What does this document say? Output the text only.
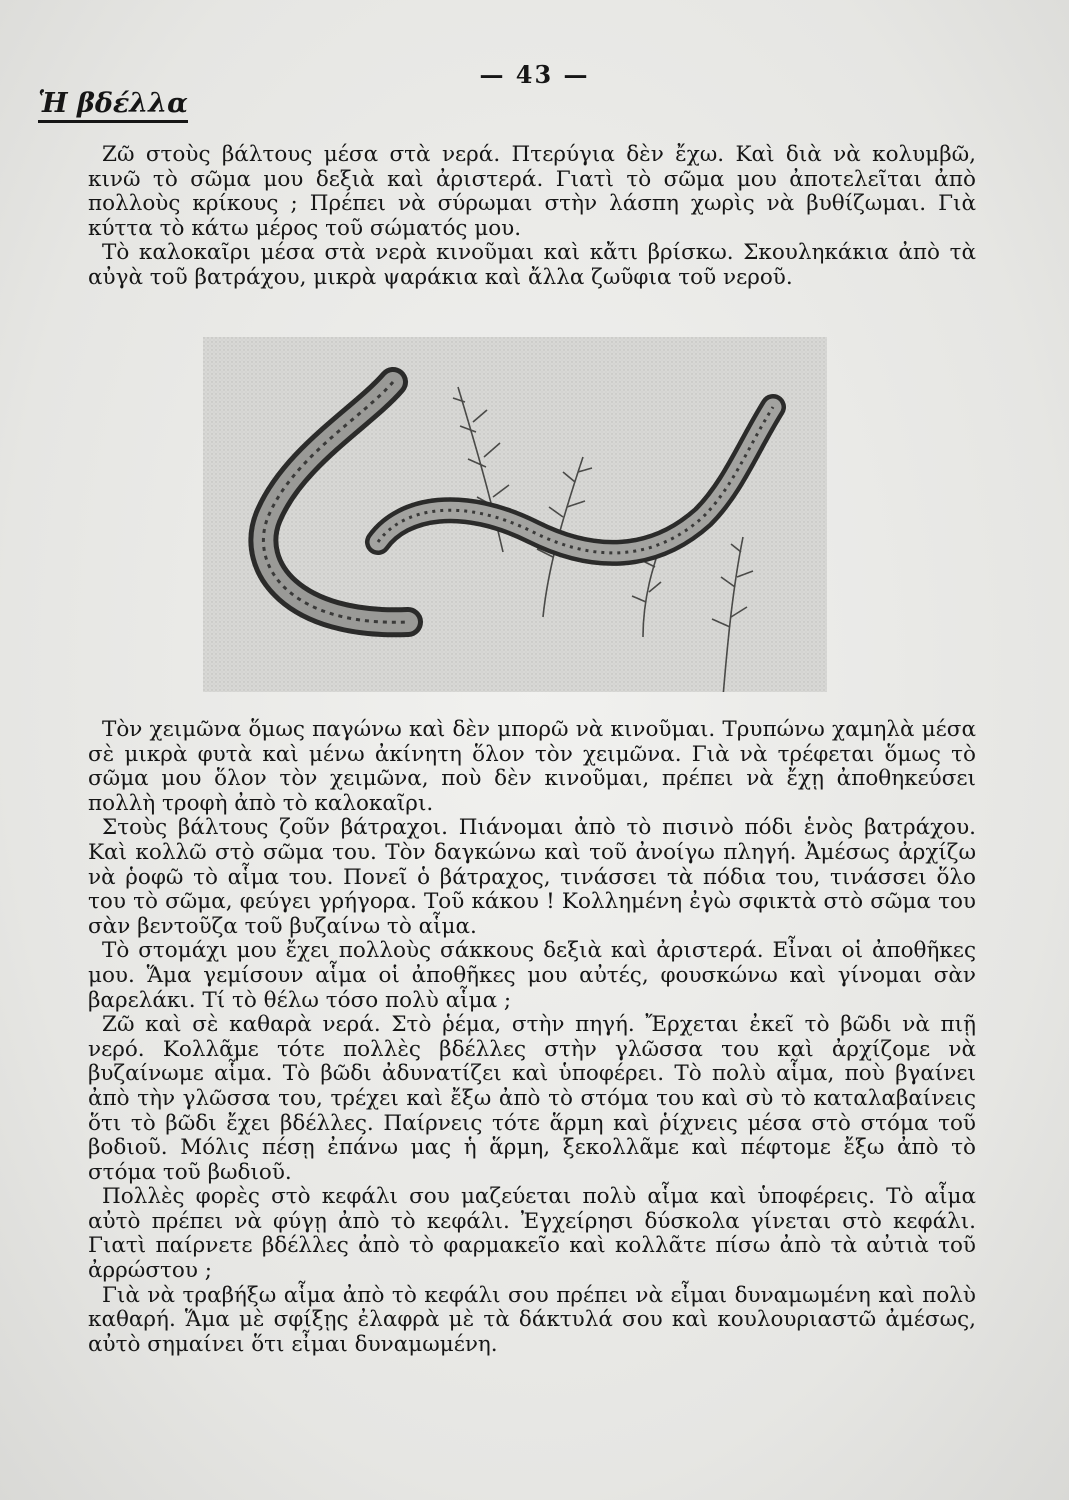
— 43 —
Ἡ βδέλλα

Ζῶ στοὺς βάλτους μέσα στὰ νερά. Πτερύγια δὲν ἔχω. Καὶ διὰ νὰ κολυμβῶ, κινῶ τὸ σῶμα μου δεξιὰ καὶ ἀριστερά. Γιατὶ τὸ σῶμα μου ἀποτελεῖται ἀπὸ πολλοὺς κρίκους ; Πρέπει νὰ σύρωμαι στὴν λάσπη χωρὶς νὰ βυθίζωμαι. Γιὰ κύττα τὸ κάτω μέρος τοῦ σώματός μου.

Τὸ καλοκαῖρι μέσα στὰ νερὰ κινοῦμαι καὶ κἄτι βρίσκω. Σκουληκάκια ἀπὸ τὰ αὐγὰ τοῦ βατράχου, μικρὰ ψαράκια καὶ ἄλλα ζωῦφια τοῦ νεροῦ.

Τὸν χειμῶνα ὅμως παγώνω καὶ δὲν μπορῶ νὰ κινοῦμαι. Τρυπώνω χαμηλὰ μέσα σὲ μικρὰ φυτὰ καὶ μένω ἀκίνητη ὅλον τὸν χειμῶνα. Γιὰ νὰ τρέφεται ὅμως τὸ σῶμα μου ὅλον τὸν χειμῶνα, ποὺ δὲν κινοῦμαι, πρέπει νὰ ἔχῃ ἀποθηκεύσει πολλὴ τροφὴ ἀπὸ τὸ καλοκαῖρι.

Στοὺς βάλτους ζοῦν βάτραχοι. Πιάνομαι ἀπὸ τὸ πισινὸ πόδι ἑνὸς βατράχου. Καὶ κολλῶ στὸ σῶμα του. Τὸν δαγκώνω καὶ τοῦ ἀνοίγω πληγή. Ἀμέσως ἀρχίζω νὰ ῥοφῶ τὸ αἷμα του. Πονεῖ ὁ βάτραχος, τινάσσει τὰ πόδια του, τινάσσει ὅλο του τὸ σῶμα, φεύγει γρήγορα. Τοῦ κάκου ! Κολλημένη ἐγὼ σφικτὰ στὸ σῶμα του σὰν βεντοῦζα τοῦ βυζαίνω τὸ αἷμα.

Τὸ στομάχι μου ἔχει πολλοὺς σάκκους δεξιὰ καὶ ἀριστερά. Εἶναι οἱ ἀποθῆκες μου. Ἅμα γεμίσουν αἷμα οἱ ἀποθῆκες μου αὐτές, φουσκώνω καὶ γίνομαι σὰν βαρελάκι. Τί τὸ θέλω τόσο πολὺ αἷμα ;

Ζῶ καὶ σὲ καθαρὰ νερά. Στὸ ῥέμα, στὴν πηγή. Ἔρχεται ἐκεῖ τὸ βῶδι νὰ πιῇ νερό. Κολλᾶμε τότε πολλὲς βδέλλες στὴν γλῶσσα του καὶ ἀρχίζομε νὰ βυζαίνωμε αἷμα. Τὸ βῶδι ἀδυνατίζει καὶ ὑποφέρει. Τὸ πολὺ αἷμα, ποὺ βγαίνει ἀπὸ τὴν γλῶσσα του, τρέχει καὶ ἔξω ἀπὸ τὸ στόμα του καὶ σὺ τὸ καταλαβαίνεις ὅτι τὸ βῶδι ἔχει βδέλλες. Παίρνεις τότε ἅρμη καὶ ῥίχνεις μέσα στὸ στόμα τοῦ βοδιοῦ. Μόλις πέσῃ ἐπάνω μας ἡ ἅρμη, ξεκολλᾶμε καὶ πέφτομε ἔξω ἀπὸ τὸ στόμα τοῦ βωδιοῦ.

Πολλὲς φορὲς στὸ κεφάλι σου μαζεύεται πολὺ αἷμα καὶ ὑποφέρεις. Τὸ αἷμα αὐτὸ πρέπει νὰ φύγῃ ἀπὸ τὸ κεφάλι. Ἐγχείρησι δύσκολα γίνεται στὸ κεφάλι. Γιατὶ παίρνετε βδέλλες ἀπὸ τὸ φαρμακεῖο καὶ κολλᾶτε πίσω ἀπὸ τὰ αὐτιὰ τοῦ ἀρρώστου ;

Γιὰ νὰ τραβήξω αἷμα ἀπὸ τὸ κεφάλι σου πρέπει νὰ εἶμαι δυναμωμένη καὶ πολὺ καθαρή. Ἅμα μὲ σφίξῃς ἐλαφρὰ μὲ τὰ δάκτυλά σου καὶ κουλουριαστῶ ἀμέσως, αὐτὸ σημαίνει ὅτι εἶμαι δυναμωμένη.
